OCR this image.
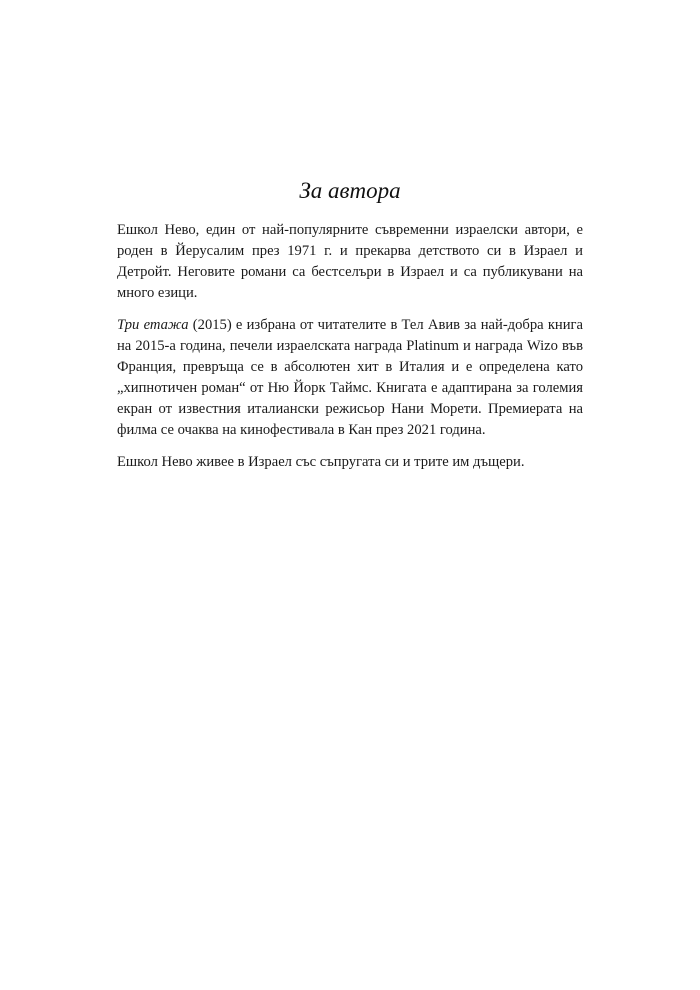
За автора

Ешкол Нево, един от най-популярните съвременни израелски автори, е роден в Йерусалим през 1971 г. и прекарва детството си в Израел и Детройт. Неговите романи са бестселъри в Израел и са публикувани на много езици.

Три етажа (2015) е избрана от читателите в Тел Авив за най-добра книга на 2015-а година, печели израелската награда Platinum и награда Wizo във Франция, превръща се в абсолютен хит в Италия и е определена като „хипнотичен роман“ от Ню Йорк Таймс. Книгата е адаптирана за големия екран от известния италиански режисьор Нани Морети. Премиерата на филма се очаква на кинофестивала в Кан през 2021 година.

Ешкол Нево живее в Израел със съпругата си и трите им дъщери.
